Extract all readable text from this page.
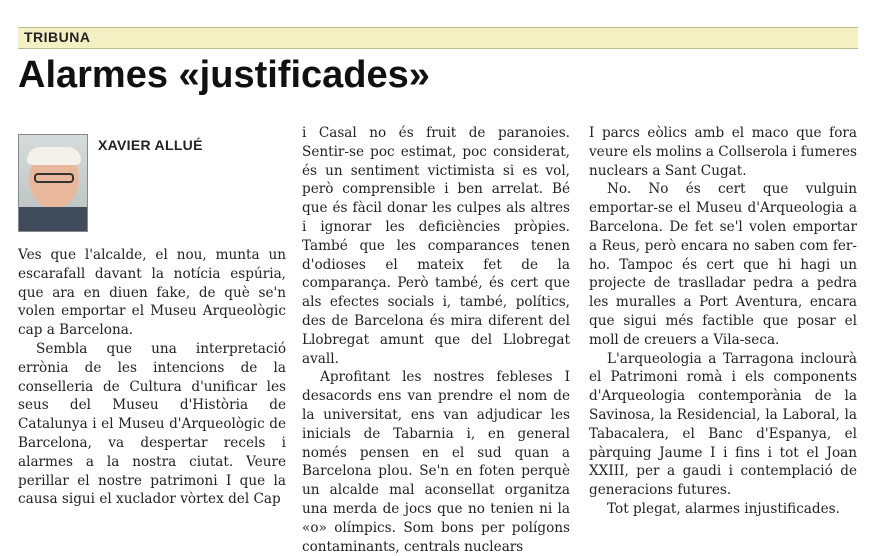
TRIBUNA
Alarmes «justificades»
XAVIER ALLUÉ

Ves que l'alcalde, el nou, munta un escarafall davant la notícia espúria, que ara en diuen fake, de què se'n volen emportar el Museu Arqueològic cap a Barcelona.

Sembla que una interpretació errònia de les intencions de la conselleria de Cultura d'unificar les seus del Museu d'Història de Catalunya i el Museu d'Arqueològic de Barcelona, va despertar recels i alarmes a la nostra ciutat. Veure perillar el nostre patrimoni I que la causa sigui el xuclador vòrtex del Cap

i Casal no és fruit de paranoies. Sentir-se poc estimat, poc considerat, és un sentiment victimista si es vol, però comprensible i ben arrelat. Bé que és fàcil donar les culpes als altres i ignorar les deficiències pròpies. També que les comparances tenen d'odioses el mateix fet de la comparança. Però també, és cert que als efectes socials i, també, polítics, des de Barcelona és mira diferent del Llobregat amunt que del Llobregat avall.

Aprofitant les nostres febleses I desacords ens van prendre el nom de la universitat, ens van adjudicar les inicials de Tabarnia i, en general només pensen en el sud quan a Barcelona plou. Se'n en foten perquè un alcalde mal aconsellat organitza una merda de jocs que no tenien ni la «o» olímpics. Som bons per polígons contaminants, centrals nuclears

I parcs eòlics amb el maco que fora veure els molins a Collserola i fumeres nuclears a Sant Cugat.

No. No és cert que vulguin emportar-se el Museu d'Arqueologia a Barcelona. De fet se'l volen emportar a Reus, però encara no saben com fer-ho. Tampoc és cert que hi hagi un projecte de traslladar pedra a pedra les muralles a Port Aventura, encara que sigui més factible que posar el moll de creuers a Vila-seca.

L'arqueologia a Tarragona inclourà el Patrimoni romà i els components d'Arqueologia contemporània de la Savinosa, la Residencial, la Laboral, la Tabacalera, el Banc d'Espanya, el pàrquing Jaume I i fins i tot el Joan XXIII, per a gaudi i contemplació de generacions futures.

Tot plegat, alarmes injustificades.
